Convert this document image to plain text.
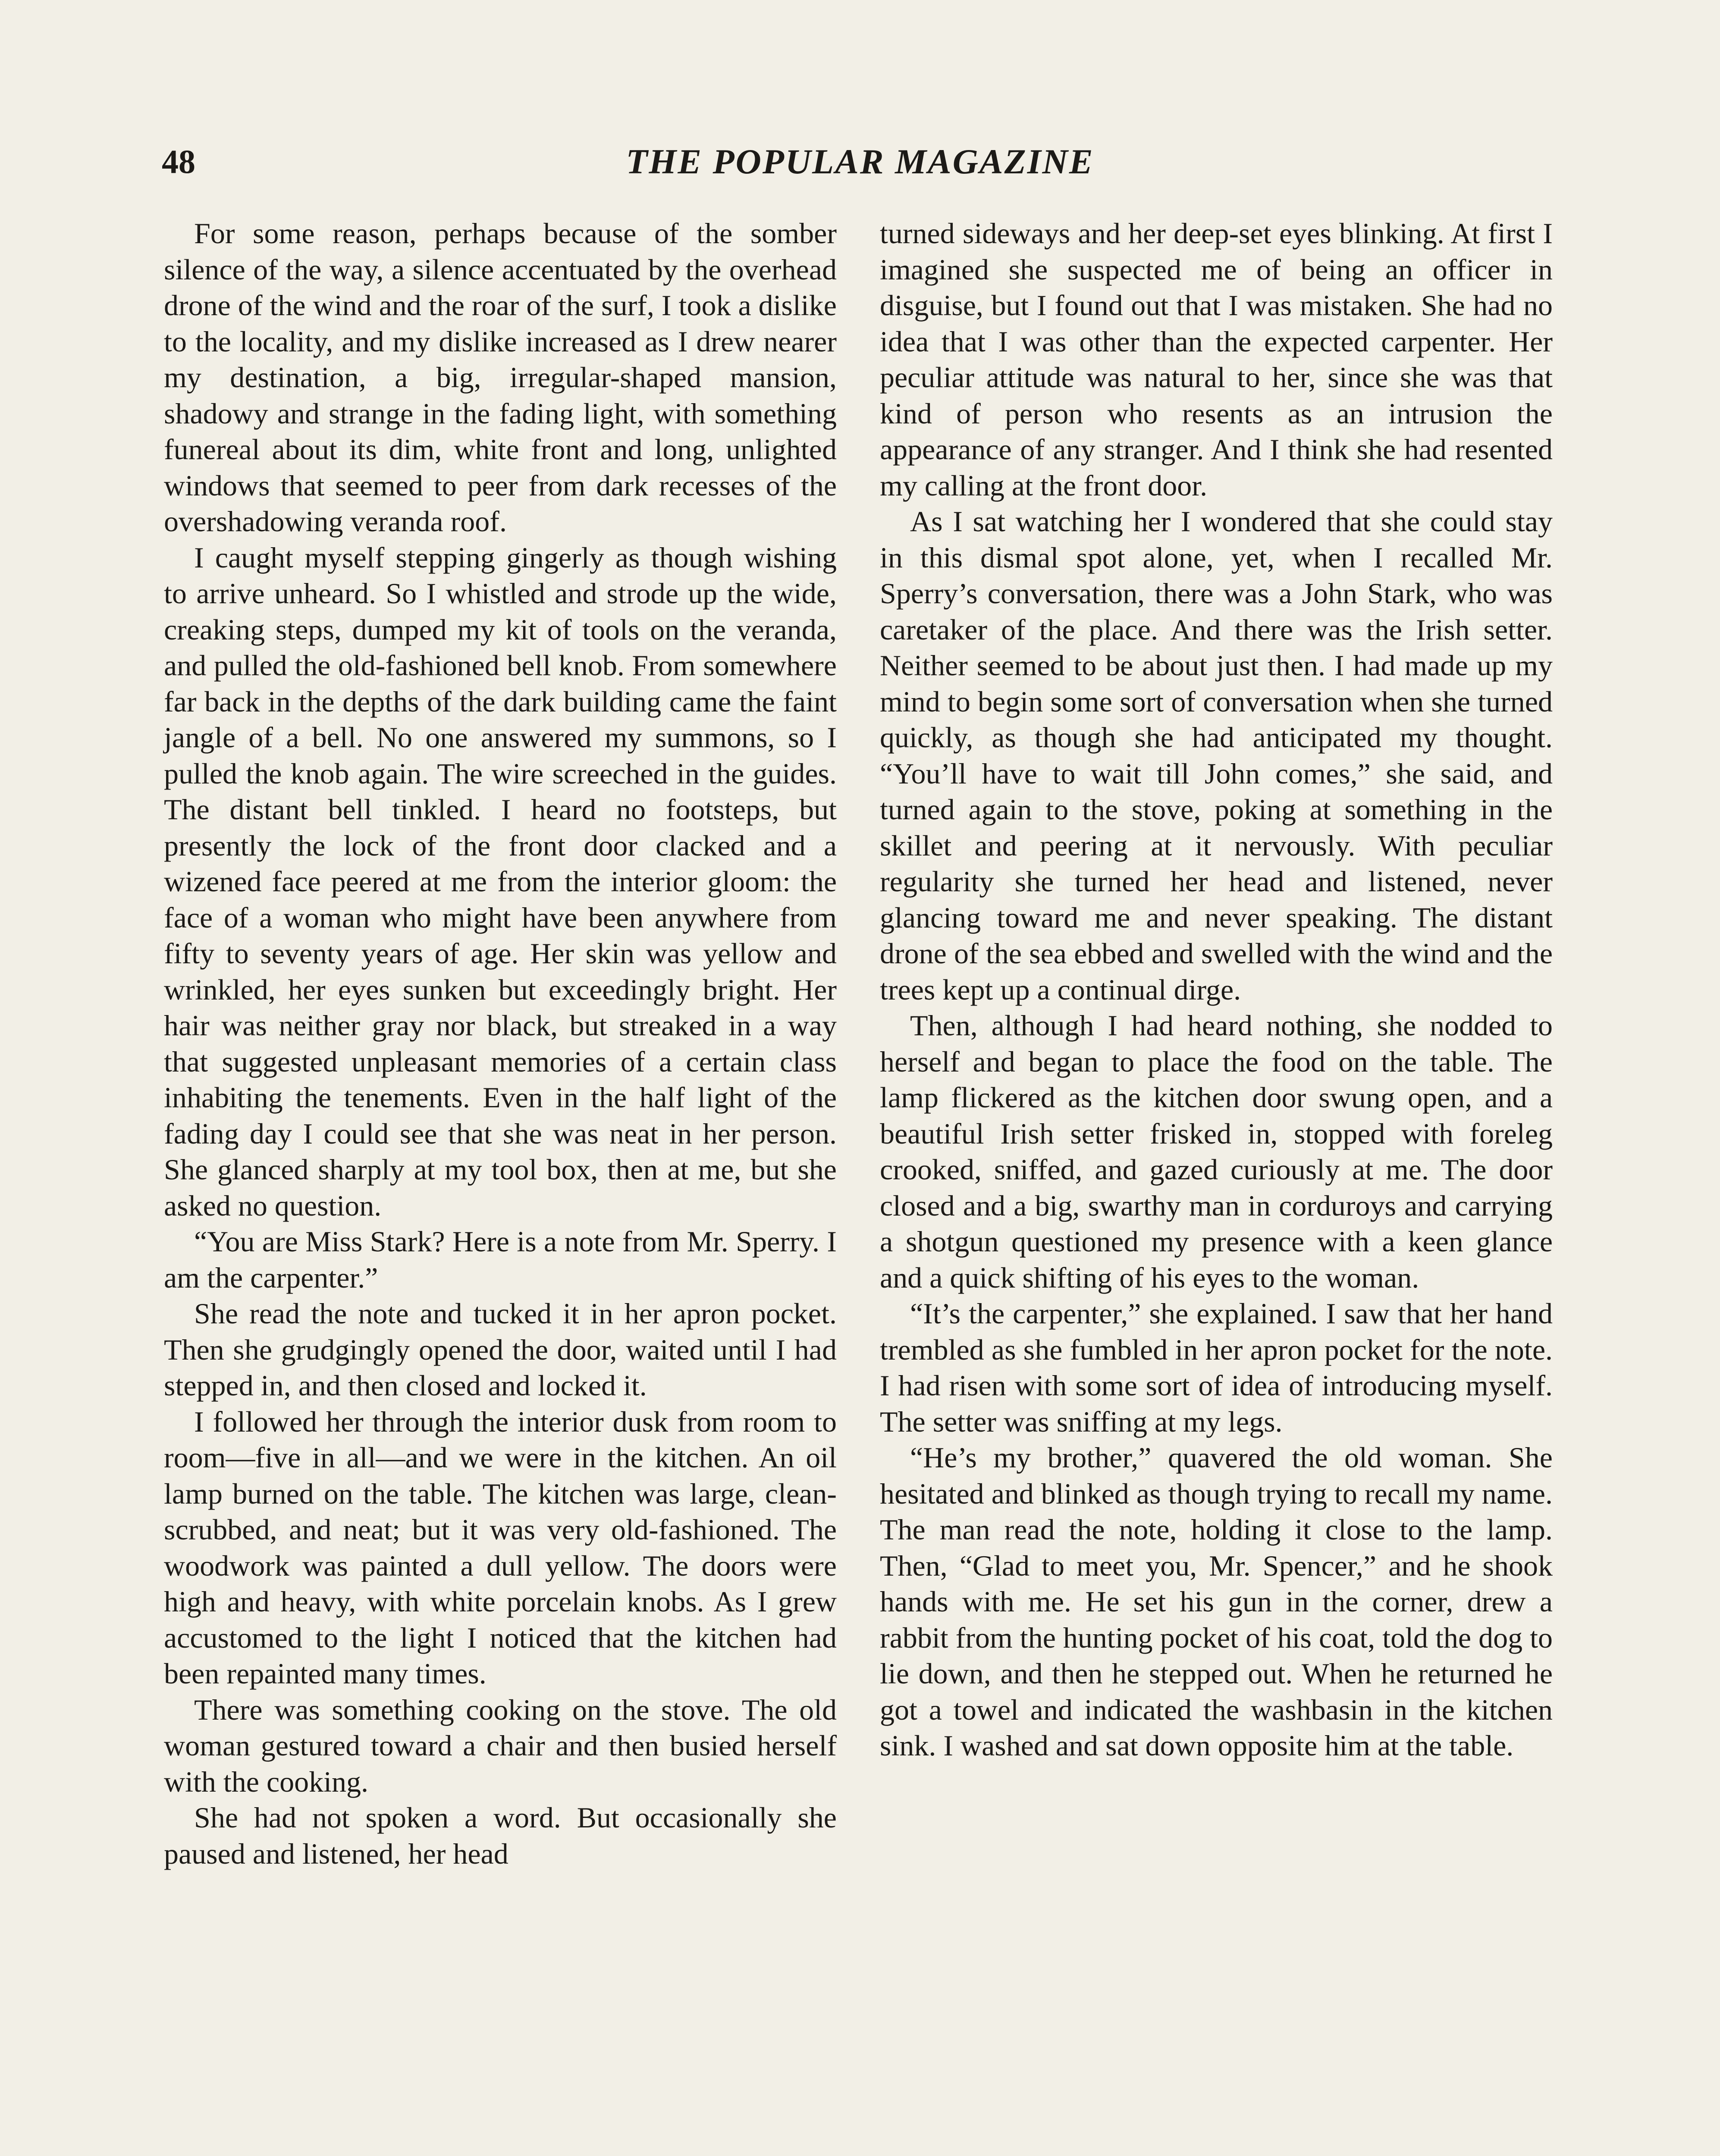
48	THE POPULAR MAGAZINE

For some reason, perhaps because of the somber silence of the way, a silence accentuated by the overhead drone of the wind and the roar of the surf, I took a dislike to the locality, and my dislike increased as I drew nearer my destination, a big, irregular-shaped mansion, shadowy and strange in the fading light, with something funereal about its dim, white front and long, unlighted windows that seemed to peer from dark recesses of the overshadowing veranda roof.

I caught myself stepping gingerly as though wishing to arrive unheard. So I whistled and strode up the wide, creaking steps, dumped my kit of tools on the veranda, and pulled the old-fashioned bell knob. From somewhere far back in the depths of the dark building came the faint jangle of a bell. No one answered my summons, so I pulled the knob again. The wire screeched in the guides. The distant bell tinkled. I heard no footsteps, but presently the lock of the front door clacked and a wizened face peered at me from the interior gloom: the face of a woman who might have been anywhere from fifty to seventy years of age. Her skin was yellow and wrinkled, her eyes sunken but exceedingly bright. Her hair was neither gray nor black, but streaked in a way that suggested unpleasant memories of a certain class inhabiting the tenements. Even in the half light of the fading day I could see that she was neat in her person. She glanced sharply at my tool box, then at me, but she asked no question.

“You are Miss Stark? Here is a note from Mr. Sperry. I am the carpenter.”

She read the note and tucked it in her apron pocket. Then she grudgingly opened the door, waited until I had stepped in, and then closed and locked it.

I followed her through the interior dusk from room to room—five in all—and we were in the kitchen. An oil lamp burned on the table. The kitchen was large, clean-scrubbed, and neat; but it was very old-fashioned. The woodwork was painted a dull yellow. The doors were high and heavy, with white porcelain knobs. As I grew accustomed to the light I noticed that the kitchen had been repainted many times.

There was something cooking on the stove. The old woman gestured toward a chair and then busied herself with the cooking.

She had not spoken a word. But occasionally she paused and listened, her head

turned sideways and her deep-set eyes blinking. At first I imagined she suspected me of being an officer in disguise, but I found out that I was mistaken. She had no idea that I was other than the expected carpenter. Her peculiar attitude was natural to her, since she was that kind of person who resents as an intrusion the appearance of any stranger. And I think she had resented my calling at the front door.

As I sat watching her I wondered that she could stay in this dismal spot alone, yet, when I recalled Mr. Sperry’s conversation, there was a John Stark, who was caretaker of the place. And there was the Irish setter. Neither seemed to be about just then. I had made up my mind to begin some sort of conversation when she turned quickly, as though she had anticipated my thought. “You’ll have to wait till John comes,” she said, and turned again to the stove, poking at something in the skillet and peering at it nervously. With peculiar regularity she turned her head and listened, never glancing toward me and never speaking. The distant drone of the sea ebbed and swelled with the wind and the trees kept up a continual dirge.

Then, although I had heard nothing, she nodded to herself and began to place the food on the table. The lamp flickered as the kitchen door swung open, and a beautiful Irish setter frisked in, stopped with foreleg crooked, sniffed, and gazed curiously at me. The door closed and a big, swarthy man in corduroys and carrying a shotgun questioned my presence with a keen glance and a quick shifting of his eyes to the woman.

“It’s the carpenter,” she explained. I saw that her hand trembled as she fumbled in her apron pocket for the note. I had risen with some sort of idea of introducing myself. The setter was sniffing at my legs.

“He’s my brother,” quavered the old woman. She hesitated and blinked as though trying to recall my name. The man read the note, holding it close to the lamp. Then, “Glad to meet you, Mr. Spencer,” and he shook hands with me. He set his gun in the corner, drew a rabbit from the hunting pocket of his coat, told the dog to lie down, and then he stepped out. When he returned he got a towel and indicated the washbasin in the kitchen sink. I washed and sat down opposite him at the table.
